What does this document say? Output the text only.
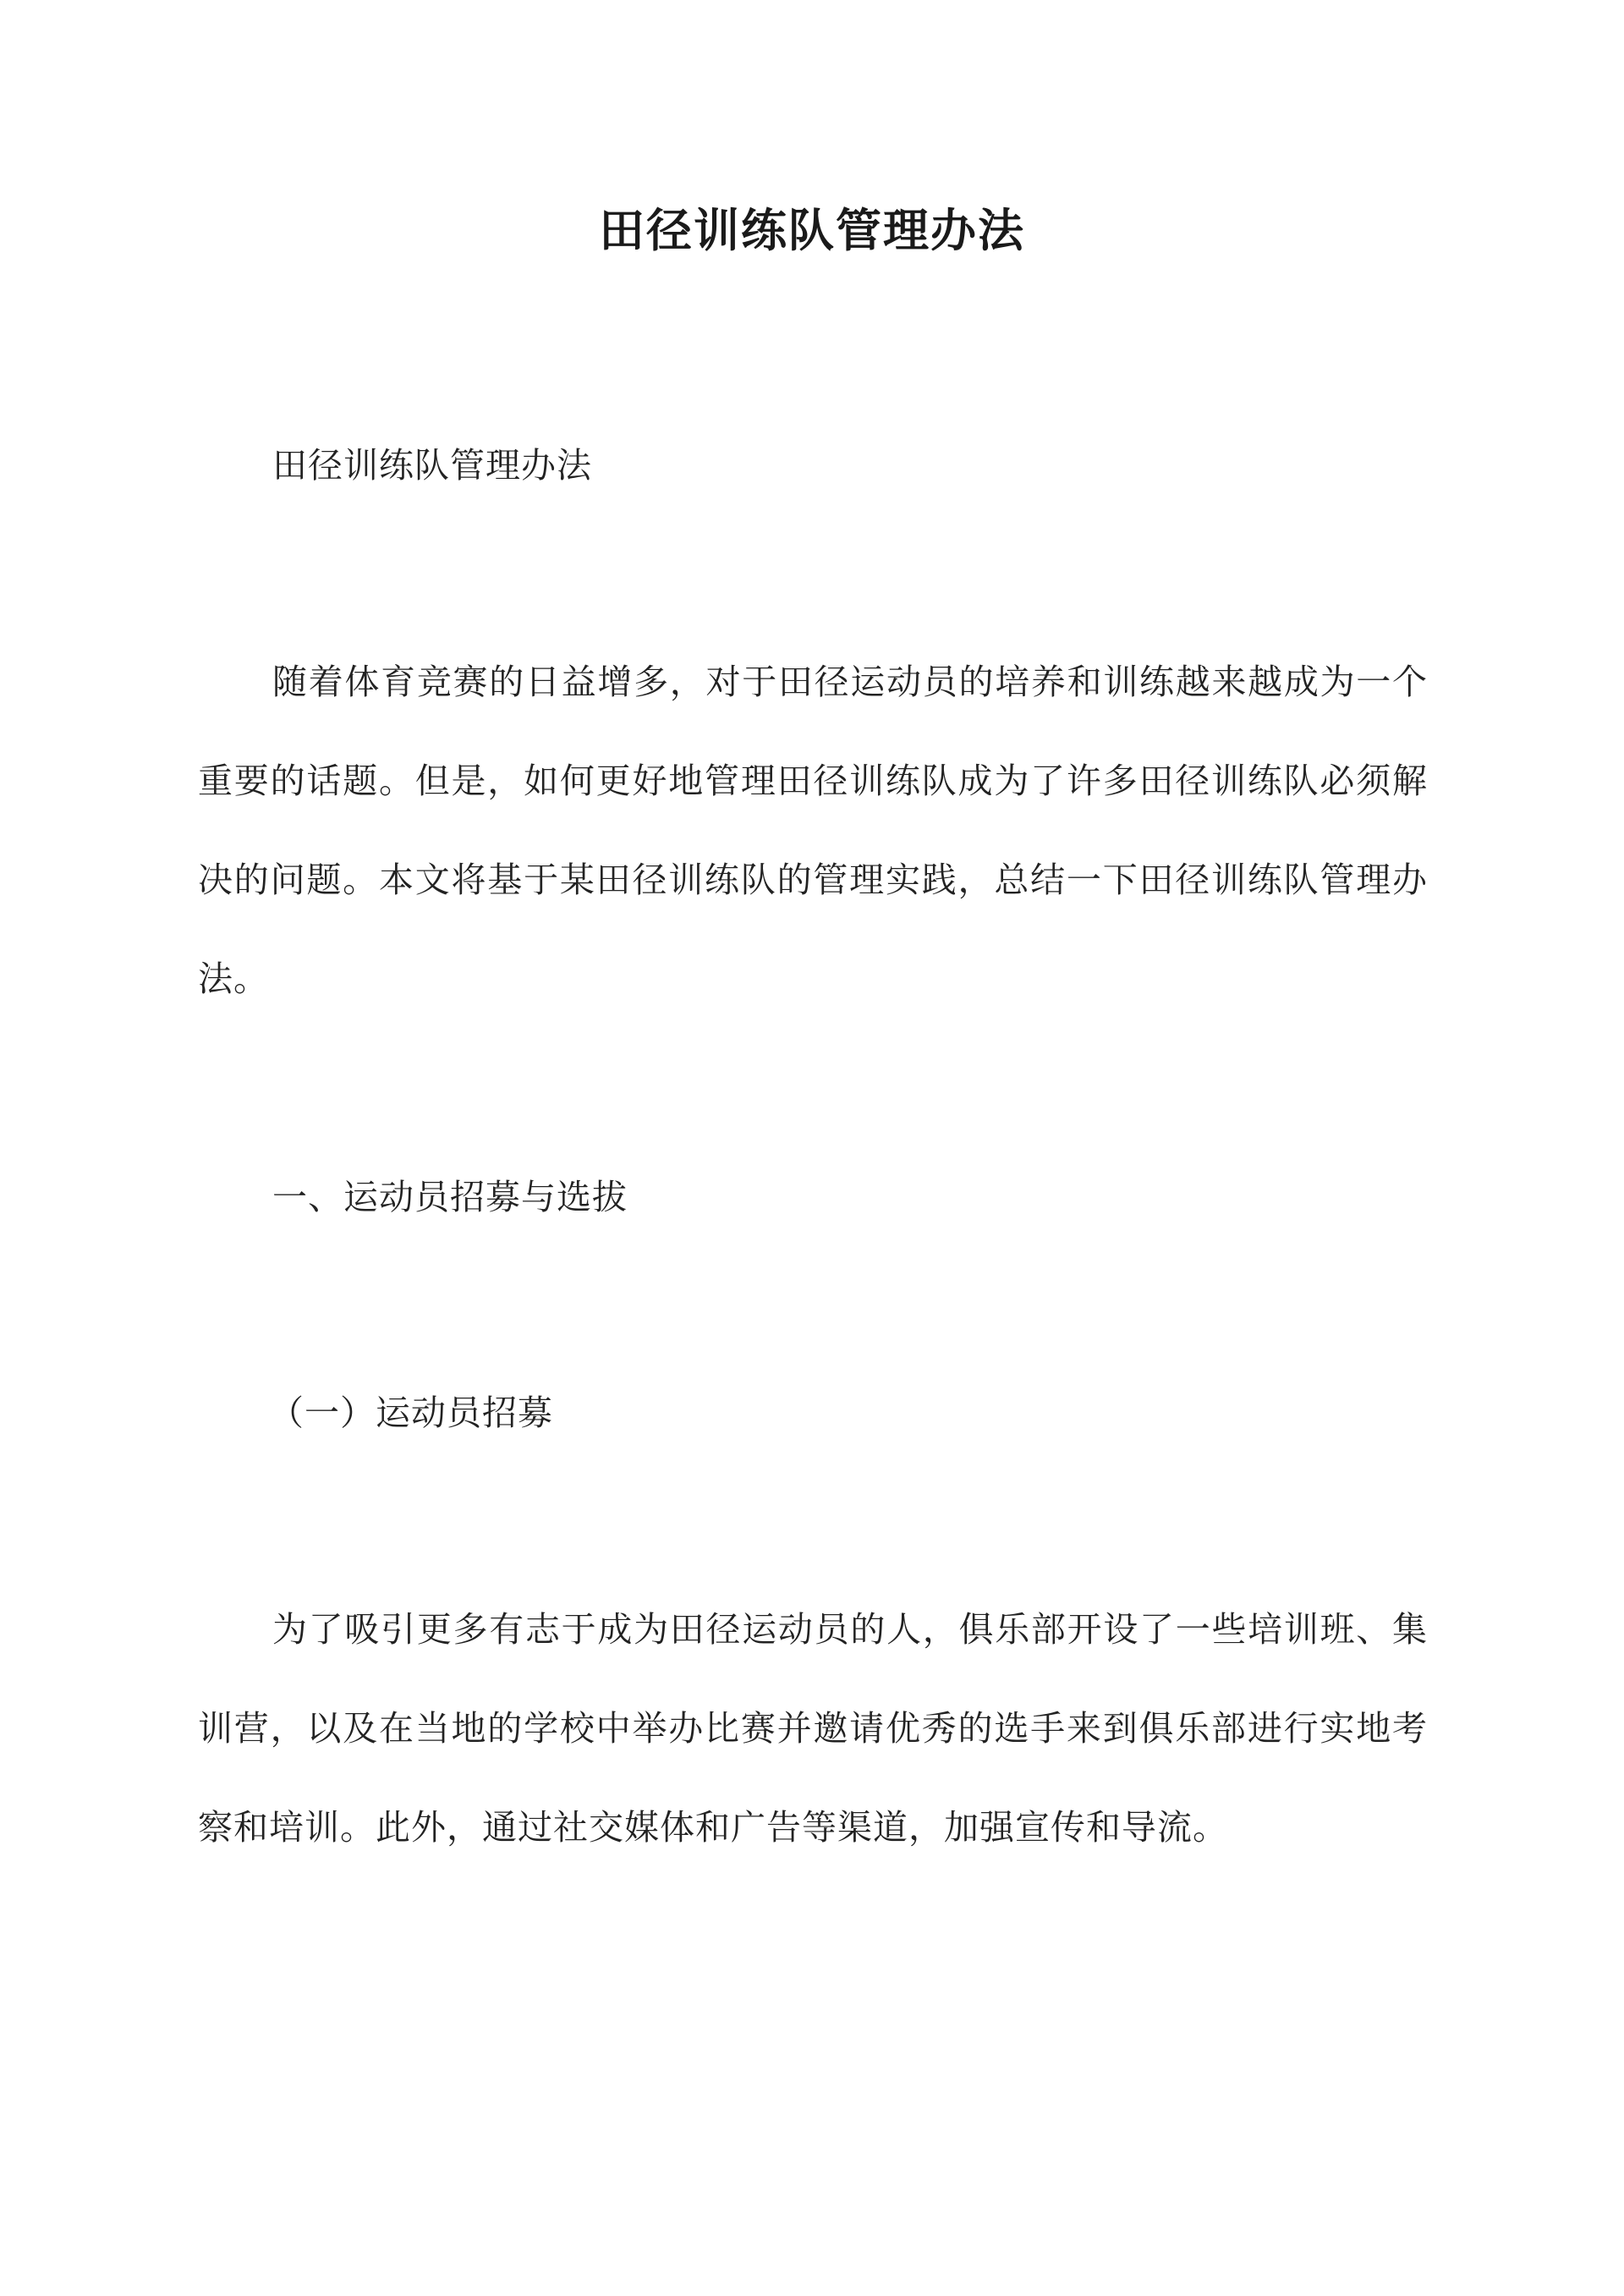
田径训练队管理办法
田径训练队管理办法

随着体育竞赛的日益增多，对于田径运动员的培养和训练越来越成为一个重要的话题。但是，如何更好地管理田径训练队成为了许多田径训练队必须解决的问题。本文将基于某田径训练队的管理实践，总结一下田径训练队管理办法。

一、运动员招募与选拔
（一）运动员招募

为了吸引更多有志于成为田径运动员的人，俱乐部开设了一些培训班、集训营，以及在当地的学校中举办比赛并邀请优秀的选手来到俱乐部进行实地考察和培训。此外，通过社交媒体和广告等渠道，加强宣传和导流。
